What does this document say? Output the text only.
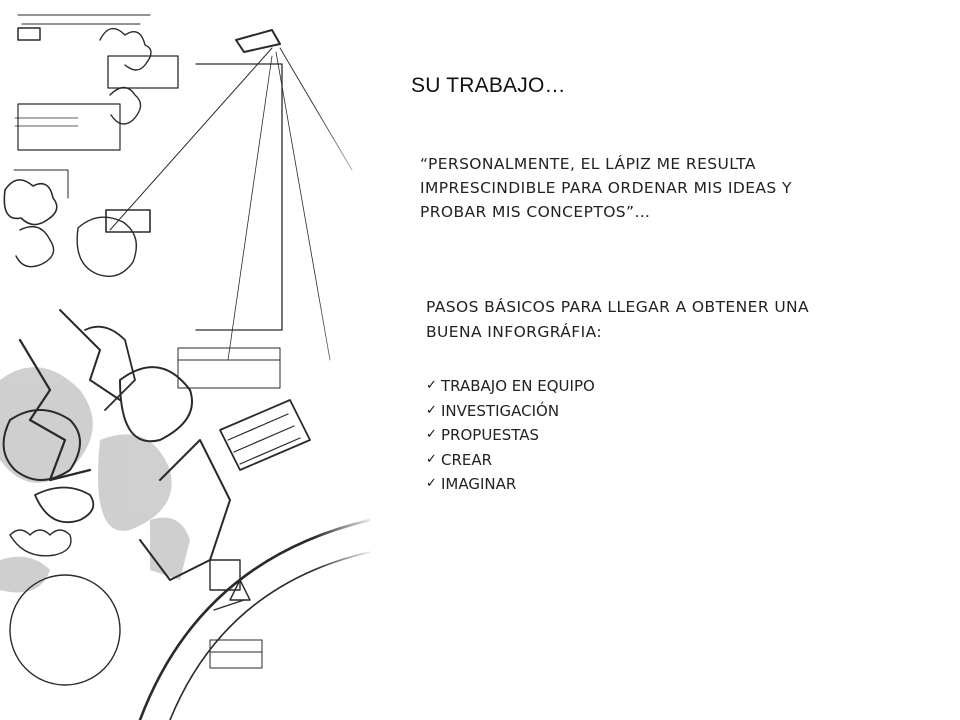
SU TRABAJO…
“PERSONALMENTE, EL LÁPIZ ME RESULTA IMPRESCINDIBLE PARA ORDENAR MIS IDEAS Y PROBAR MIS CONCEPTOS”…
PASOS BÁSICOS PARA LLEGAR A OBTENER UNA BUENA INFORGRÁFIA:
✓ TRABAJO EN EQUIPO
✓ INVESTIGACIÓN
✓ PROPUESTAS
✓ CREAR
✓ IMAGINAR
